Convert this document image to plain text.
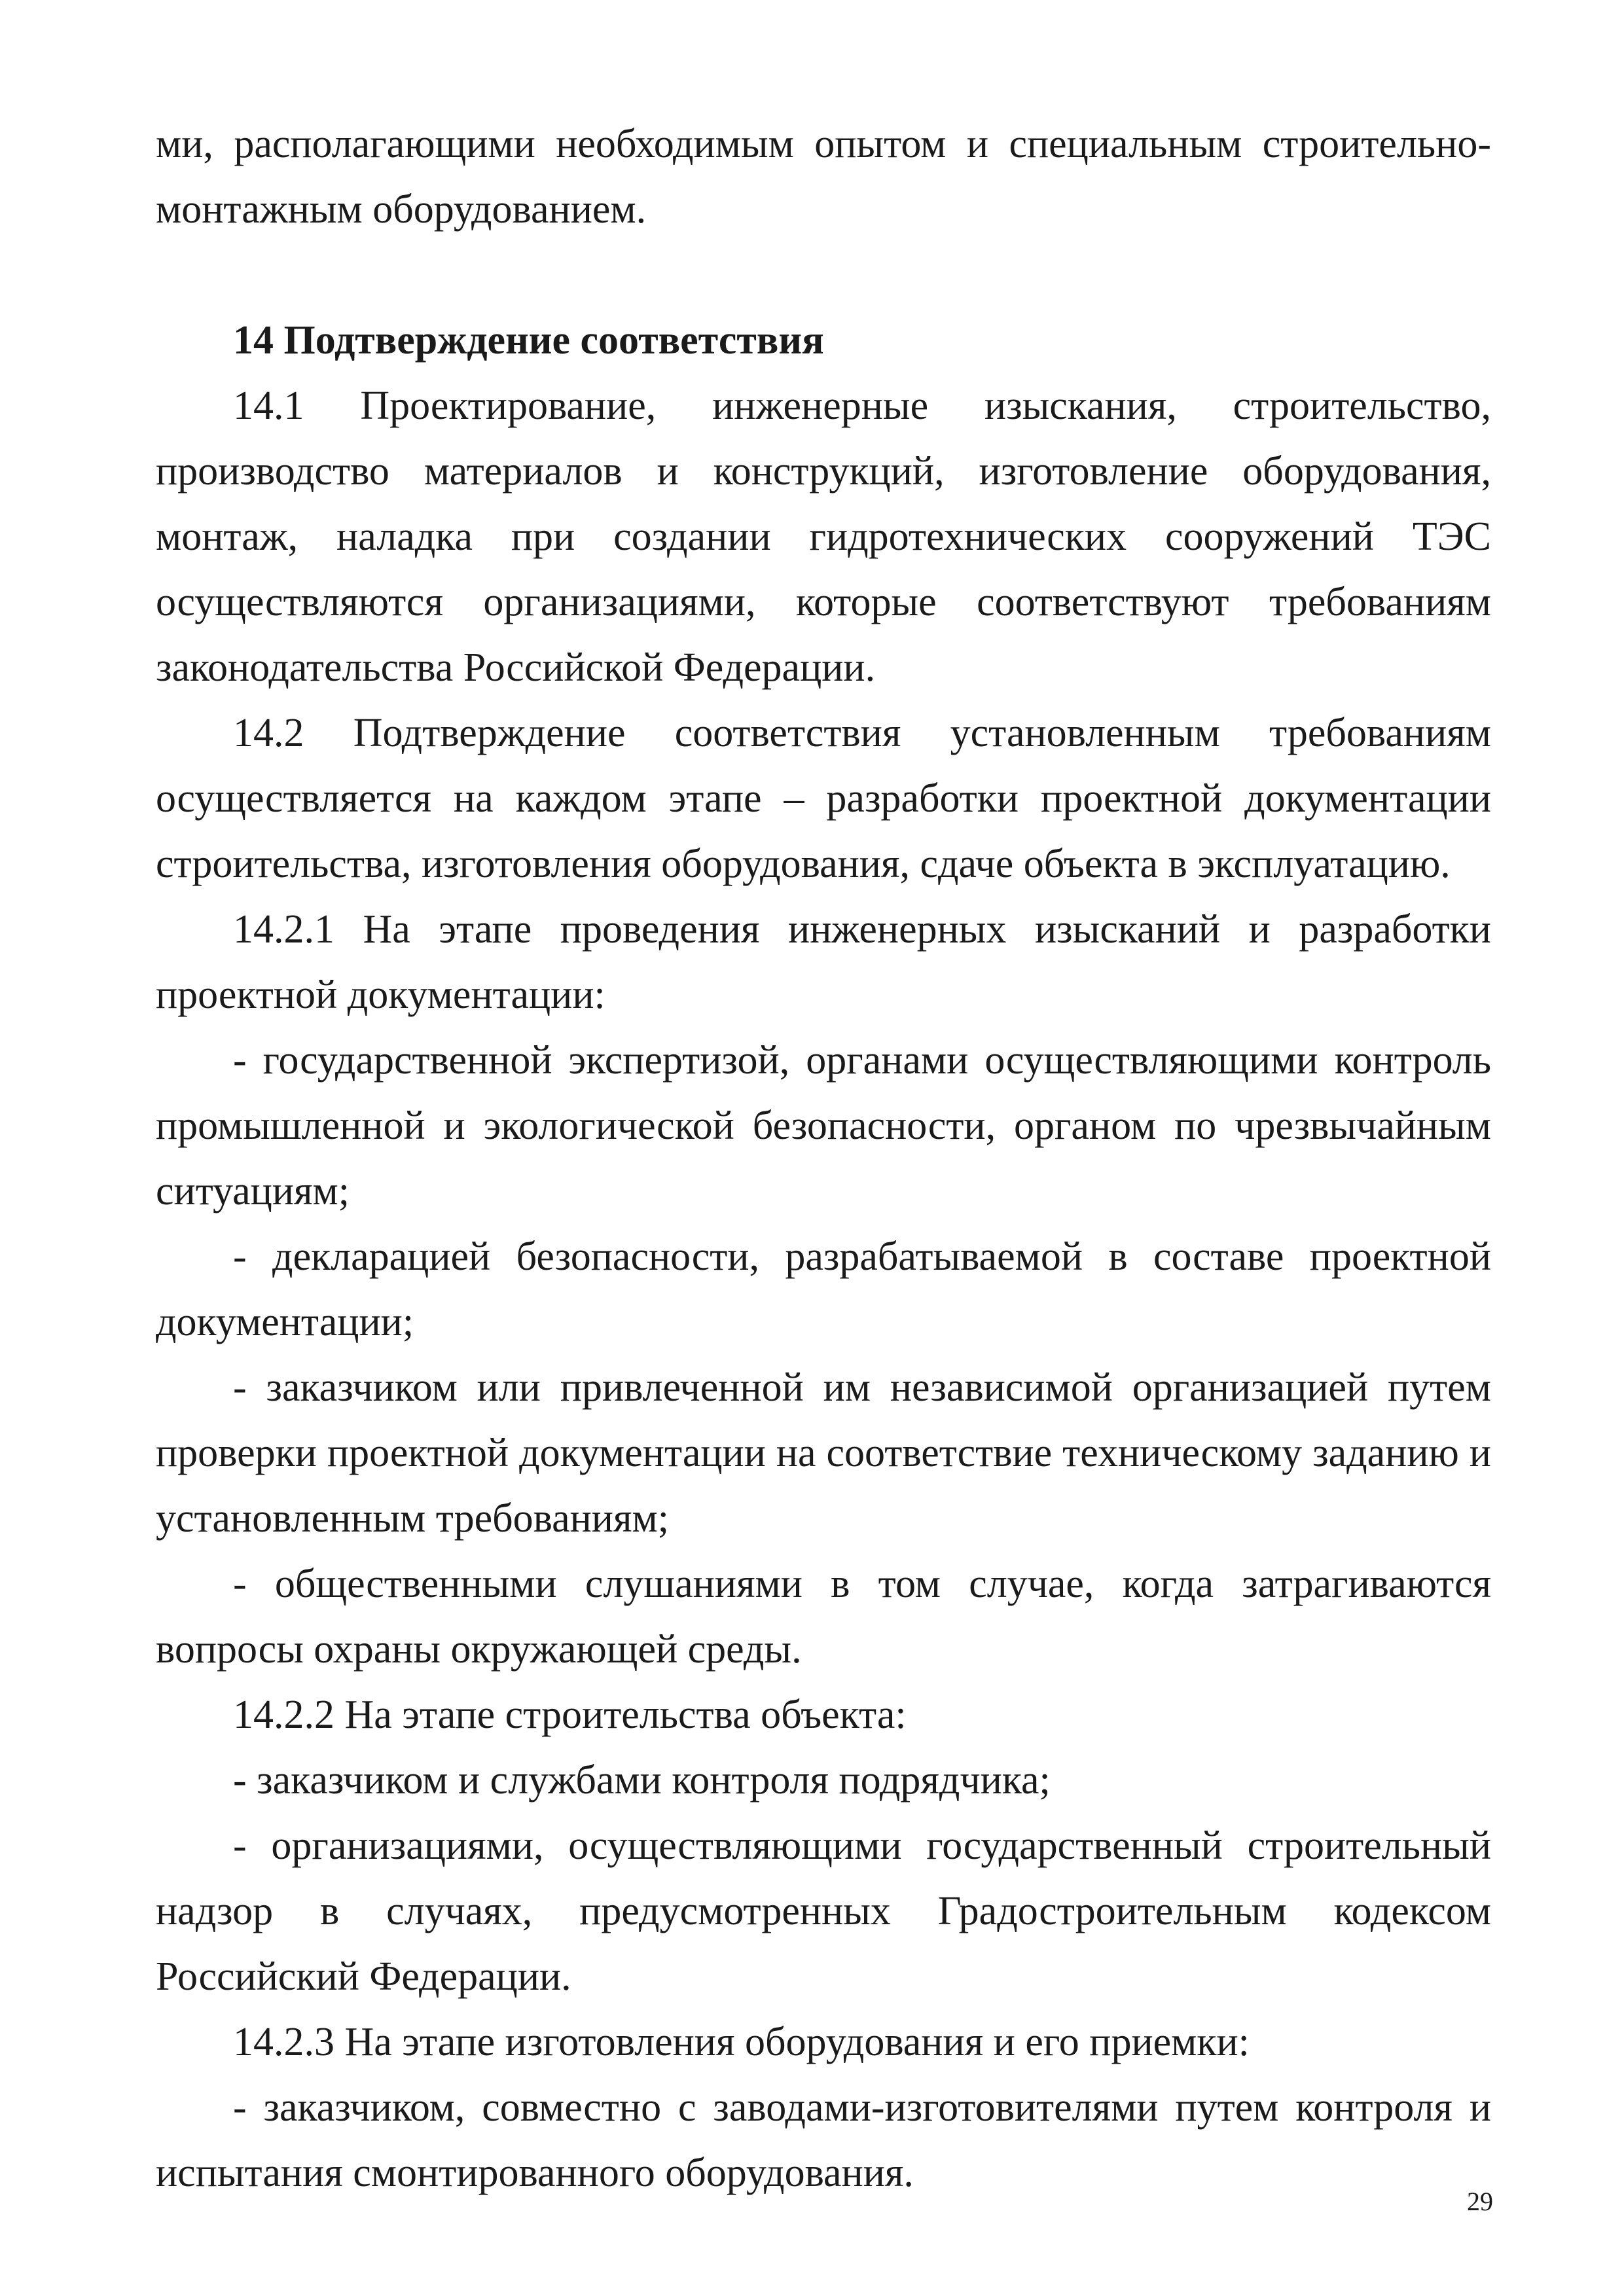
ми, располагающими необходимым опытом и специальным строительно-монтажным оборудованием.

14 Подтверждение соответствия

14.1 Проектирование, инженерные изыскания, строительство, производство материалов и конструкций, изготовление оборудования, монтаж, наладка при создании гидротехнических сооружений ТЭС осуществляются организациями, которые соответствуют требованиям законодательства Российской Федерации.

14.2 Подтверждение соответствия установленным требованиям осуществляется на каждом этапе – разработки проектной документации строительства, изготовления оборудования, сдаче объекта в эксплуатацию.

14.2.1 На этапе проведения инженерных изысканий и разработки проектной документации:

- государственной экспертизой, органами осуществляющими контроль промышленной и экологической безопасности, органом по чрезвычайным ситуациям;

- декларацией безопасности, разрабатываемой в составе проектной документации;

- заказчиком или привлеченной им независимой организацией путем проверки проектной документации на соответствие техническому заданию и установленным требованиям;

- общественными слушаниями в том случае, когда затрагиваются вопросы охраны окружающей среды.

14.2.2 На этапе строительства объекта:

- заказчиком и службами контроля подрядчика;

- организациями, осуществляющими государственный строительный надзор в случаях, предусмотренных Градостроительным кодексом Российский Федерации.

14.2.3 На этапе изготовления оборудования и его приемки:

- заказчиком, совместно с заводами-изготовителями путем контроля и испытания смонтированного оборудования.

29
